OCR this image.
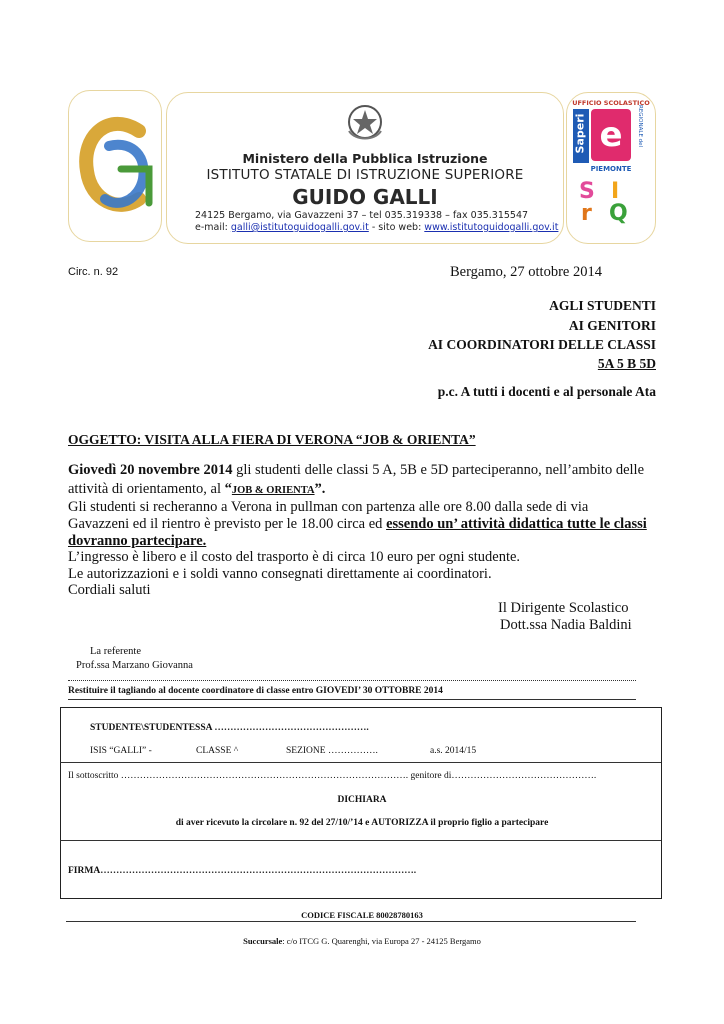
Ministero della Pubblica Istruzione
ISTITUTO STATALE DI ISTRUZIONE SUPERIORE
GUIDO GALLI
24125 Bergamo, via Gavazzeni 37 – tel 035.319338 – fax 035.315547
e-mail: galli@istitutoguidogalli.gov.it - sito web: www.istitutoguidogalli.gov.it
UFFICIO SCOLASTICO
Saperi e	REGIONALE del
PIEMONTE
S I
r Q
Circ. n. 92	Bergamo, 27 ottobre 2014
AGLI STUDENTI
AI GENITORI
AI COORDINATORI DELLE CLASSI
5A 5 B 5D
p.c. A tutti i docenti e al personale Ata
OGGETTO: VISITA ALLA FIERA DI VERONA “JOB & ORIENTA”
Giovedì 20 novembre 2014 gli studenti delle classi 5 A, 5B e 5D parteciperanno, nell’ambito delle
attività di orientamento, al “JOB & ORIENTA”.
Gli studenti si recheranno a Verona in pullman con partenza alle ore 8.00 dalla sede di via
Gavazzeni ed il rientro è previsto per le 18.00 circa ed essendo un’ attività didattica tutte le classi
dovranno partecipare.
L’ingresso è libero e il costo del trasporto è di circa 10 euro per ogni studente.
Le autorizzazioni e i soldi vanno consegnati direttamente ai coordinatori.
Cordiali saluti
Il Dirigente Scolastico
Dott.ssa Nadia Baldini
La referente
Prof.ssa Marzano Giovanna
Restituire il tagliando al docente coordinatore di classe entro GIOVEDI’ 30 OTTOBRE 2014
STUDENTE\STUDENTESSA ………………………………………….
ISIS “GALLI” -	CLASSE ^	SEZIONE …………….	a.s. 2014/15
Il sottoscritto ………………………………………………………………………………. genitore di……………………………………….
DICHIARA
di aver ricevuto la circolare n. 92 del 27/10/’14 e AUTORIZZA il proprio figlio a partecipare
FIRMA……………………………………………………………………………………….
CODICE FISCALE 80028780163
Succursale: c/o ITCG G. Quarenghi, via Europa 27 - 24125 Bergamo
